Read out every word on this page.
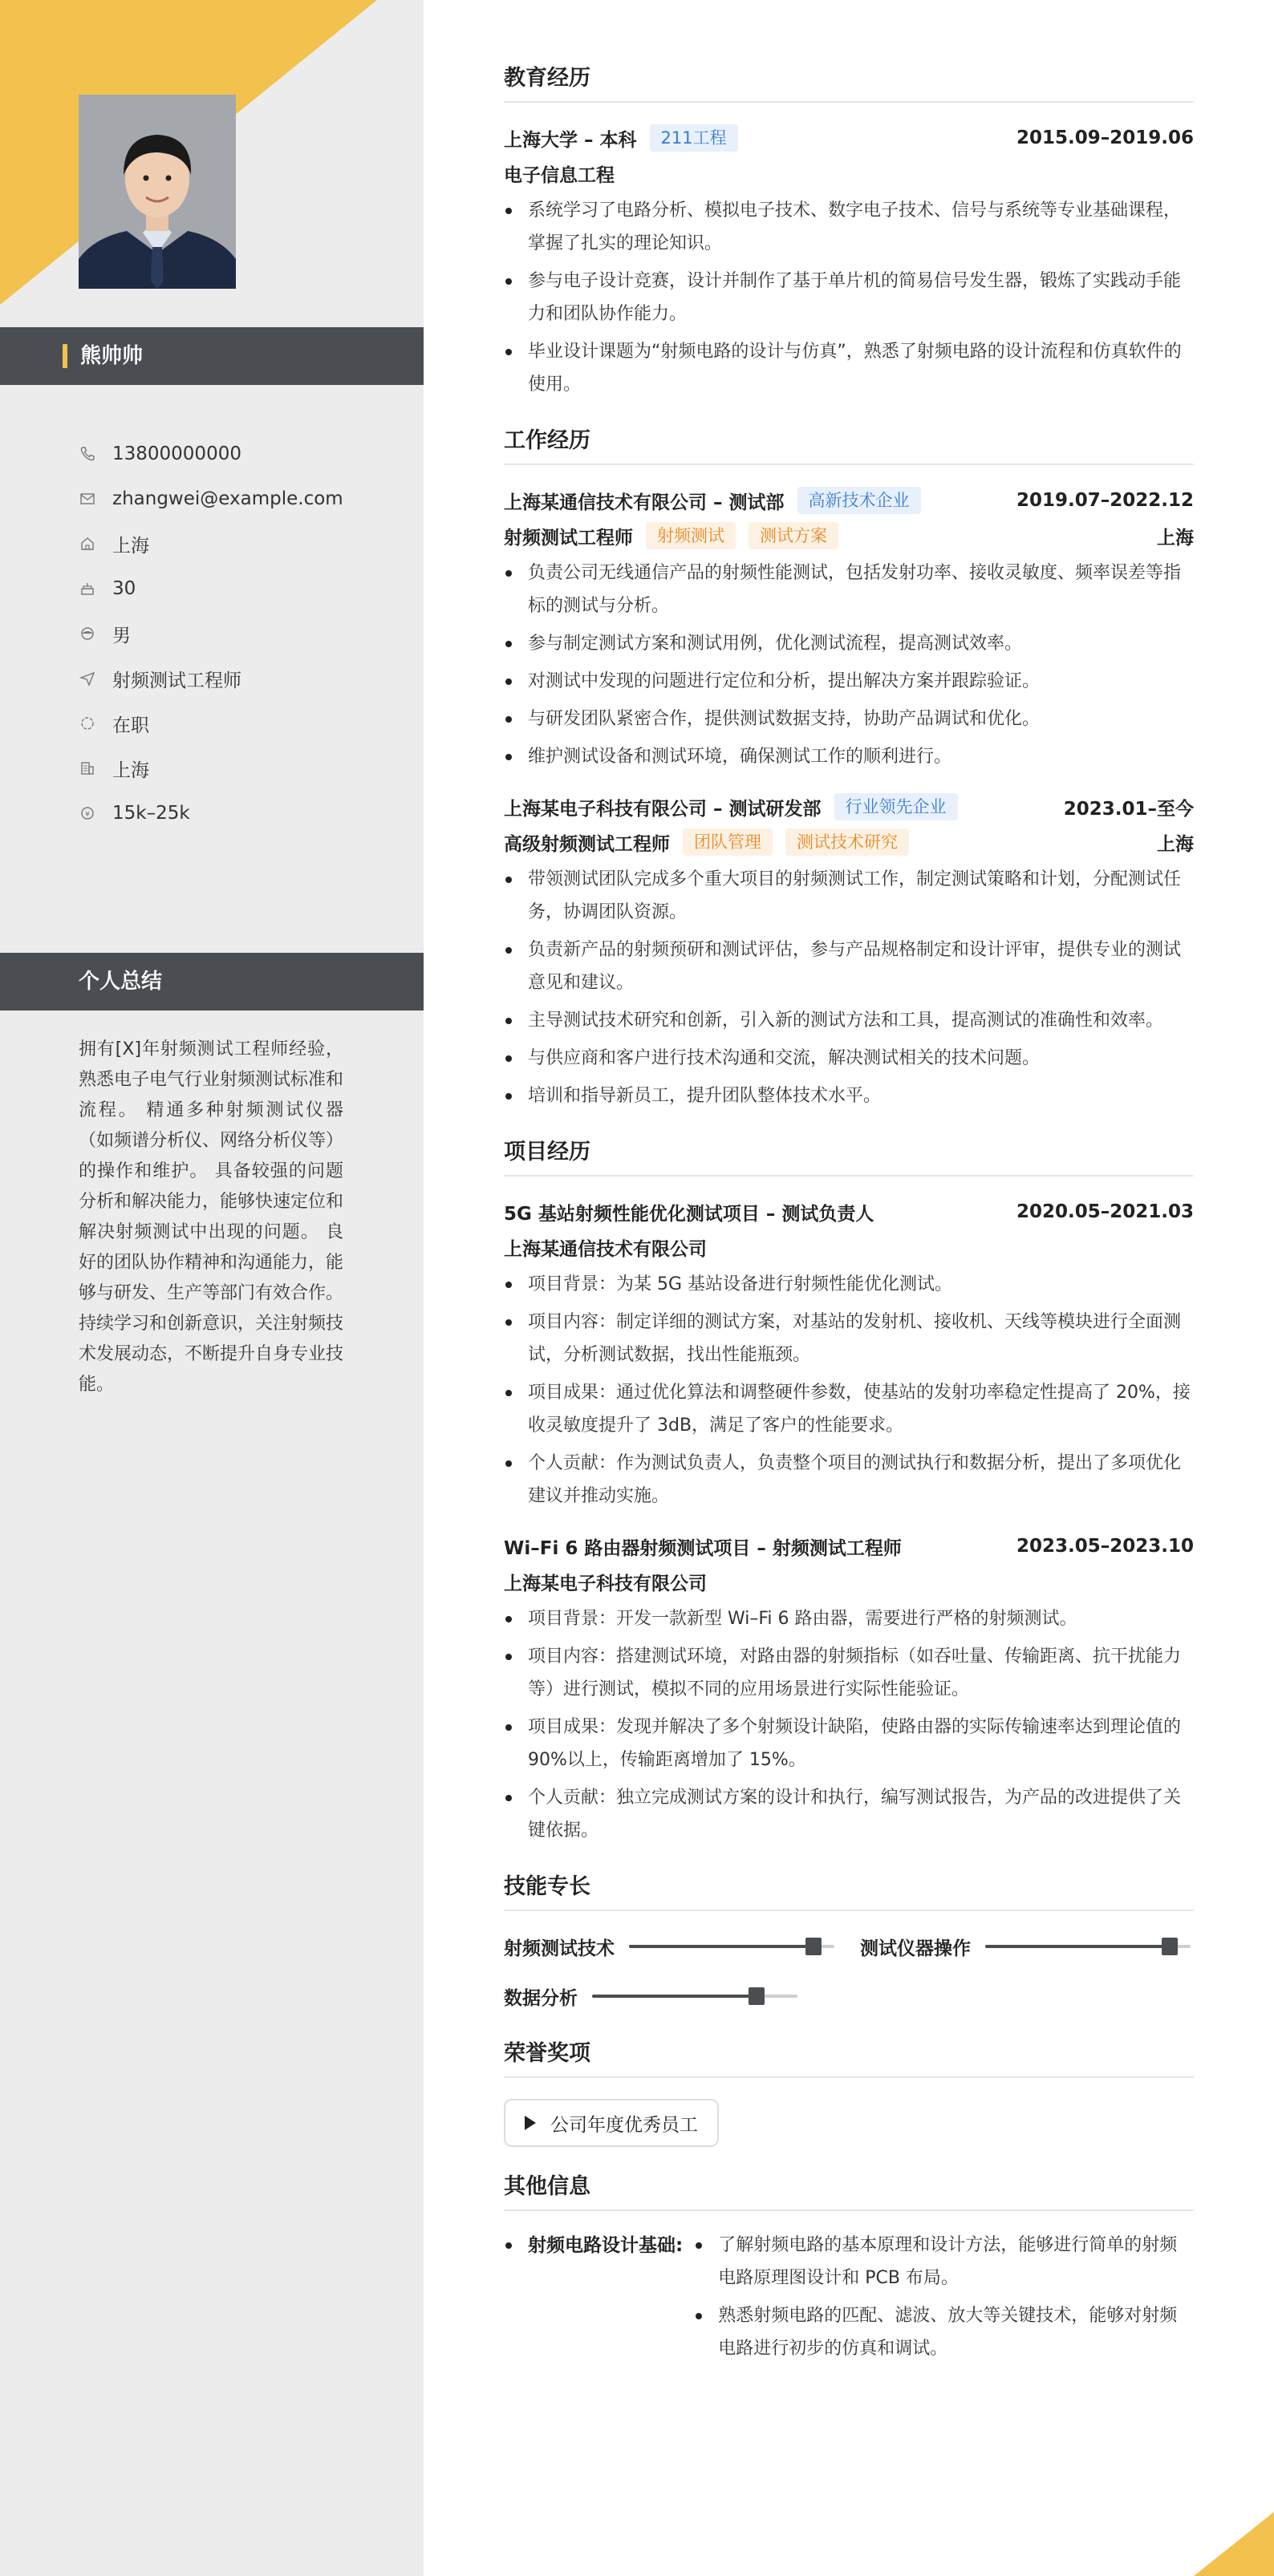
熊帅帅
13800000000
zhangwei@example.com
上海
30
男
射频测试工程师
在职
上海
¥ 15k–25k
个人总结
拥有[X]年射频测试工程师经验，熟悉电子电气行业射频测试标准和流程。 精通多种射频测试仪器（如频谱分析仪、网络分析仪等）的操作和维护。 具备较强的问题分析和解决能力，能够快速定位和解决射频测试中出现的问题。 良好的团队协作精神和沟通能力，能够与研发、生产等部门有效合作。 持续学习和创新意识，关注射频技术发展动态，不断提升自身专业技能。
教育经历
上海大学 – 本科	211工程	2015.09–2019.06
电子信息工程
系统学习了电路分析、模拟电子技术、数字电子技术、信号与系统等专业基础课程，掌握了扎实的理论知识。
参与电子设计竞赛，设计并制作了基于单片机的简易信号发生器，锻炼了实践动手能力和团队协作能力。
毕业设计课题为“射频电路的设计与仿真”，熟悉了射频电路的设计流程和仿真软件的使用。
工作经历
上海某通信技术有限公司 – 测试部	高新技术企业	2019.07–2022.12
射频测试工程师	射频测试	测试方案	上海
负责公司无线通信产品的射频性能测试，包括发射功率、接收灵敏度、频率误差等指标的测试与分析。
参与制定测试方案和测试用例，优化测试流程，提高测试效率。
对测试中发现的问题进行定位和分析，提出解决方案并跟踪验证。
与研发团队紧密合作，提供测试数据支持，协助产品调试和优化。
维护测试设备和测试环境，确保测试工作的顺利进行。
上海某电子科技有限公司 – 测试研发部	行业领先企业	2023.01–至今
高级射频测试工程师	团队管理	测试技术研究	上海
带领测试团队完成多个重大项目的射频测试工作，制定测试策略和计划，分配测试任务，协调团队资源。
负责新产品的射频预研和测试评估，参与产品规格制定和设计评审，提供专业的测试意见和建议。
主导测试技术研究和创新，引入新的测试方法和工具，提高测试的准确性和效率。
与供应商和客户进行技术沟通和交流，解决测试相关的技术问题。
培训和指导新员工，提升团队整体技术水平。
项目经历
5G 基站射频性能优化测试项目 – 测试负责人	2020.05–2021.03
上海某通信技术有限公司
项目背景：为某 5G 基站设备进行射频性能优化测试。
项目内容：制定详细的测试方案，对基站的发射机、接收机、天线等模块进行全面测试，分析测试数据，找出性能瓶颈。
项目成果：通过优化算法和调整硬件参数，使基站的发射功率稳定性提高了 20%，接收灵敏度提升了 3dB，满足了客户的性能要求。
个人贡献：作为测试负责人，负责整个项目的测试执行和数据分析，提出了多项优化建议并推动实施。
Wi–Fi 6 路由器射频测试项目 – 射频测试工程师	2023.05–2023.10
上海某电子科技有限公司
项目背景：开发一款新型 Wi–Fi 6 路由器，需要进行严格的射频测试。
项目内容：搭建测试环境，对路由器的射频指标（如吞吐量、传输距离、抗干扰能力等）进行测试，模拟不同的应用场景进行实际性能验证。
项目成果：发现并解决了多个射频设计缺陷，使路由器的实际传输速率达到理论值的 90%以上，传输距离增加了 15%。
个人贡献：独立完成测试方案的设计和执行，编写测试报告，为产品的改进提供了关键依据。
技能专长
射频测试技术	测试仪器操作
数据分析
荣誉奖项
公司年度优秀员工
其他信息
射频电路设计基础:	了解射频电路的基本原理和设计方法，能够进行简单的射频电路原理图设计和 PCB 布局。
熟悉射频电路的匹配、滤波、放大等关键技术，能够对射频电路进行初步的仿真和调试。
